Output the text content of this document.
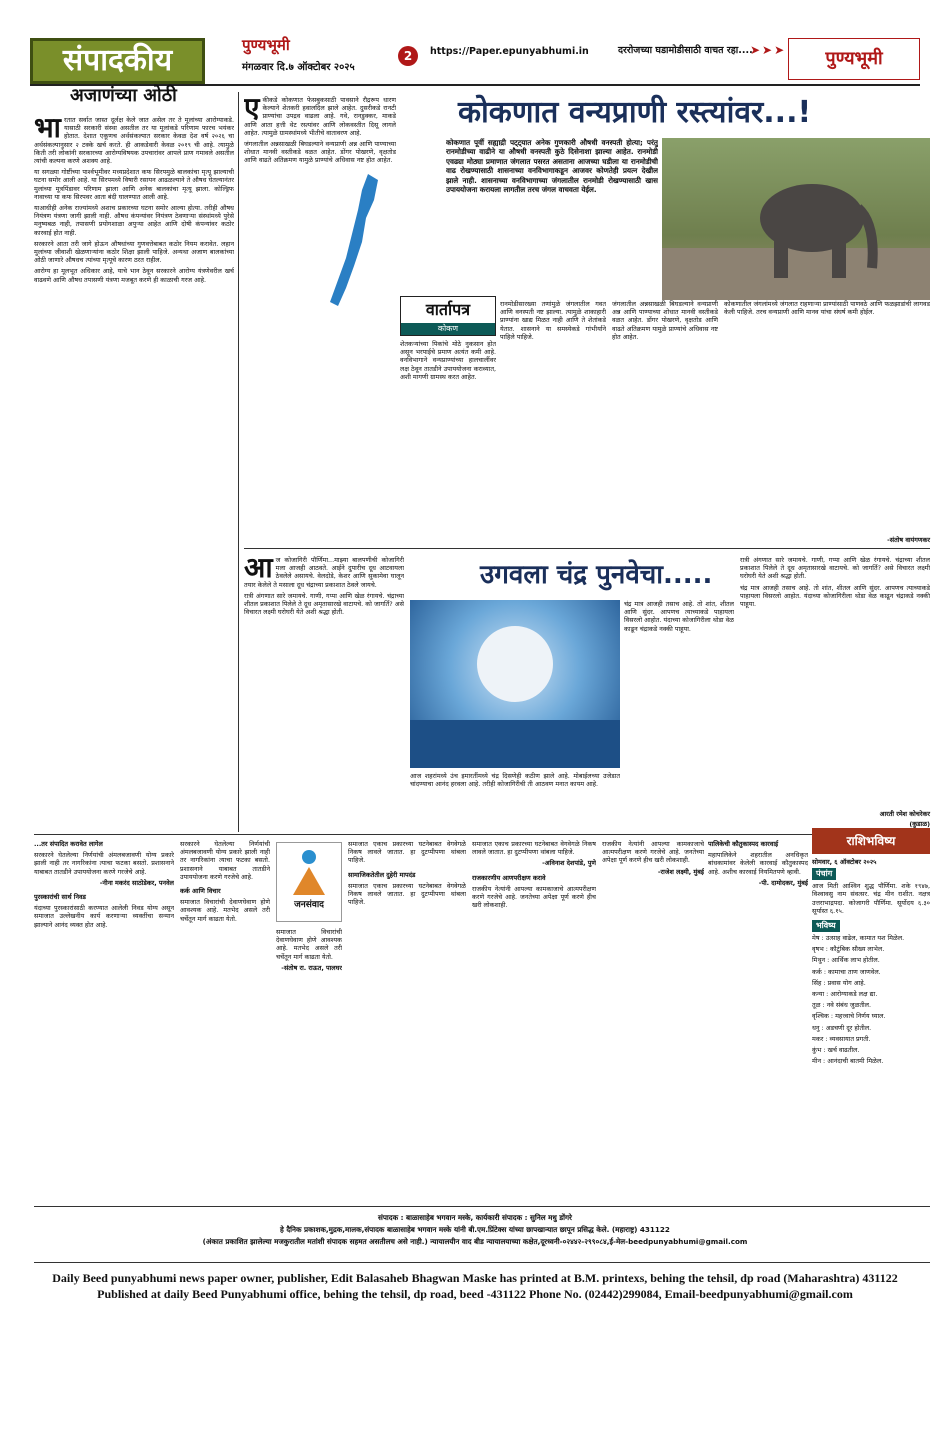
संपादकीय	पुण्यभूमी
2
मंगळवार दि.७ ऑक्टोबर २०२५
https://Paper.epunyabhumi.in	दररोजच्या घडामोडीसाठी वाचत रहा....
➤➤➤	पुण्यभूमी
अजाणंच्या ओठी
भा रतात सर्वात जास्त दूर्लक्ष केले जात असेल तर ते मूलांच्या आरोग्याकडे. यासाठी सरकारी संस्था असतील तर या मूलांकडे परिणाम फारच भयंकर होतात. देशात एकूणच अर्थसंकल्पात सरकार केवळ देश वर्ष २०२६ चा अर्थसंकल्पानुसार २ टक्के खर्च करते. ही आकडेवारी केवळ २०१९ ची आहे. त्यामुळे किती तरी लोकांनी सरकारच्या आरोग्यविषयक उपचारांवर आपले प्राण गमावले असतील त्यांची कल्पना करणे अशक्य आहे.

या सगळ्या गोष्टींच्या पार्श्वभूमीवर मध्यप्रदेशात कफ सिरपमुळे बालकांचा मृत्यू झाल्याची घटना समोर आली आहे. या सिरपमध्ये विषारी रसायन आढळल्याने ते औषध घेतल्यानंतर मुलांच्या मूत्रपिंडावर परिणाम झाला आणि अनेक बालकांचा मृत्यू झाला. कोल्ड्रिफ नावाच्या या कफ सिरपवर आता बंदी घालण्यात आली आहे.

याआधीही अनेक राज्यांमध्ये अशाच प्रकारच्या घटना समोर आल्या होत्या. तरीही औषध नियंत्रण यंत्रणा जागी झाली नाही. औषध कंपन्यांवर नियंत्रण ठेवणाऱ्या संस्थांमध्ये पुरेसे मनुष्यबळ नाही, तपासणी प्रयोगशाळा अपुऱ्या आहेत आणि दोषी कंपन्यांवर कठोर कारवाई होत नाही.

सरकारने आता तरी जागे होऊन औषधांच्या गुणवत्तेबाबत कठोर नियम करावेत. लहान मुलांच्या जीवाशी खेळणाऱ्यांना कठोर शिक्षा झाली पाहिजे. अन्यथा अजाण बालकांच्या ओठी जाणारे औषधच त्यांच्या मृत्यूचे कारण ठरत राहील.

आरोग्य हा मूलभूत अधिकार आहे, याचे भान ठेवून सरकारने आरोग्य यंत्रणेवरील खर्च वाढवणे आणि औषध तपासणी यंत्रणा मजबूत करणे ही काळाची गरज आहे.

ए कीकडे कोकणात फेसबुकसाठी पावसाने रौद्ररूप धारण केल्याने शेतकरी हवालदिल झाले आहेत. दुसरीकडे रानटी प्राण्यांचा उपद्रव वाढला आहे. गवे, रानडुक्कर, माकडे आणि आता हत्ती थेट रस्त्यांवर आणि लोकवस्तीत दिसू लागले आहेत. त्यामुळे ग्रामस्थांमध्ये भीतीचे वातावरण आहे.

जंगलातील अन्नसाखळी बिघडल्याने वन्यप्राणी अन्न आणि पाण्याच्या शोधात मानवी वस्तीकडे वळत आहेत. डोंगर पोखरणे, वृक्षतोड आणि वाढते अतिक्रमण यामुळे प्राण्यांचे अधिवास नष्ट होत आहेत.

कोकणात वन्यप्राणी रस्त्यांवर...!
कोकणात पूर्वी सह्याद्री पट्ट्यात अनेक गुणकारी औषधी वनस्पती होत्या; परंतु रानमोडीच्या वाढीने या औषधी वनस्पती कुठे दिसेनाशा झाल्या आहेत. रानमोडी एवढ्या मोठ्या प्रमाणात जंगलात पसरत असताना आजच्या घडीला या रानमोडीची वाढ रोखण्यासाठी शासनाच्या वनविभागाकडून आजवर कोणतेही प्रयत्न देखील झाले नाही. शासनाच्या वनविभागाच्या जंगलातील रानमोडी रोखण्यासाठी खास उपाययोजना करायला लागतील तरच जंगल वाचवता येईल.
वार्तापत्र
कोकण

शेतकऱ्यांच्या पिकांचे मोठे नुकसान होत असून भरपाईचे प्रमाण अत्यंत कमी आहे. वनविभागाने वन्यप्राण्यांच्या हालचालींवर लक्ष ठेवून तातडीने उपाययोजना कराव्यात, अशी मागणी ग्रामस्थ करत आहेत.

रानमोडीसारख्या तणांमुळे जंगलातील गवत आणि वनस्पती नष्ट झाल्या. त्यामुळे शाकाहारी प्राण्यांना खाद्य मिळत नाही आणि ते शेतांकडे येतात. शासनाने या समस्येकडे गांभीर्याने पाहिले पाहिजे.

जंगलातील अन्नसाखळी बिघडल्याने वन्यप्राणी अन्न आणि पाण्याच्या शोधात मानवी वस्तीकडे वळत आहेत. डोंगर पोखरणे, वृक्षतोड आणि वाढते अतिक्रमण यामुळे प्राण्यांचे अधिवास नष्ट होत आहेत.

कोकणातील जंगलांमध्ये जंगलात राहणाऱ्या प्राण्यांसाठी पाणवठे आणि फळझाडांची लागवड केली पाहिजे. तरच वन्यप्राणी आणि मानव यांचा संघर्ष कमी होईल.

-संतोष वायंगणकर
आ ज कोजागिरी पौर्णिमा...माझ्या बालपणीची कोजागिरी मला आजही आठवते. आईने दुपारीच दूध आटवायला ठेवलेले असायचे. वेलदोडे, केशर आणि सुकामेवा घालून तयार केलेले ते मसाला दूध चंद्राच्या प्रकाशात ठेवले जायचे.

रात्री अंगणात सारे जमायचे. गाणी, गप्पा आणि खेळ रंगायचे. चंद्राच्या शीतल प्रकाशात पिलेले ते दूध अमृतासारखे वाटायचे. को जागर्ति? असे विचारत लक्ष्मी घरोघरी येते अशी श्रद्धा होती.

उगवला चंद्र पुनवेचा.....

आज शहरांमध्ये उंच इमारतींमध्ये चंद्र दिसणेही कठीण झाले आहे. मोबाईलच्या उजेडात चांदण्याचा आनंद हरवला आहे. तरीही कोजागिरीची ती आठवण मनात कायम आहे.

चंद्र मात्र आजही तसाच आहे. तो शांत, शीतल आणि सुंदर. आपणच त्याच्याकडे पाहायला विसरलो आहोत. यंदाच्या कोजागिरीला थोडा वेळ काढून चंद्राकडे नक्की पाहूया.

रात्री अंगणात सारे जमायचे. गाणी, गप्पा आणि खेळ रंगायचे. चंद्राच्या शीतल प्रकाशात पिलेले ते दूध अमृतासारखे वाटायचे. को जागर्ति? असे विचारत लक्ष्मी घरोघरी येते अशी श्रद्धा होती.

चंद्र मात्र आजही तसाच आहे. तो शांत, शीतल आणि सुंदर. आपणच त्याच्याकडे पाहायला विसरलो आहोत. यंदाच्या कोजागिरीला थोडा वेळ काढून चंद्राकडे नक्की पाहूया.

आरती रमेश कोचरेकर
(कुडाळ)

...तर संपादित करावेत लागेल

सरकारने घेतलेल्या निर्णयांची अंमलबजावणी योग्य प्रकारे झाली नाही तर नागरिकांना त्याचा फटका बसतो. प्रशासनाने याबाबत तातडीने उपाययोजना करणे गरजेचे आहे.

-नीना मकरंद साठोडेकर, पनवेल

पुरस्कारांची सार्थ निवड

यंदाच्या पुरस्कारांसाठी करण्यात आलेली निवड योग्य असून समाजात उल्लेखनीय कार्य करणाऱ्या व्यक्तींचा सन्मान झाल्याने आनंद व्यक्त होत आहे.

सरकारने घेतलेल्या निर्णयांची अंमलबजावणी योग्य प्रकारे झाली नाही तर नागरिकांना त्याचा फटका बसतो. प्रशासनाने याबाबत तातडीने उपाययोजना करणे गरजेचे आहे.

कर्क आणि विचार

समाजात विचारांची देवाणघेवाण होणे आवश्यक आहे. मतभेद असले तरी चर्चेतून मार्ग काढता येतो.

जनसंवाद

समाजात विचारांची देवाणघेवाण होणे आवश्यक आहे. मतभेद असले तरी चर्चेतून मार्ग काढता येतो.

-संतोष रा. राऊत, पालघर

समाजात एकाच प्रकारच्या घटनेबाबत वेगवेगळे निकष लावले जातात. हा दुटप्पीपणा थांबला पाहिजे.

सामाजिकतेतील दुहेरी मापदंड

समाजात एकाच प्रकारच्या घटनेबाबत वेगवेगळे निकष लावले जातात. हा दुटप्पीपणा थांबला पाहिजे.

समाजात एकाच प्रकारच्या घटनेबाबत वेगवेगळे निकष लावले जातात. हा दुटप्पीपणा थांबला पाहिजे.

-अविनाश देशपांडे, पुणे

राजकारणीय आणपरीक्षण करावे

राजकीय नेत्यांनी आपल्या कामकाजाचे आत्मपरीक्षण करणे गरजेचे आहे. जनतेच्या अपेक्षा पूर्ण करणे हीच खरी लोकशाही.

राजकीय नेत्यांनी आपल्या कामकाजाचे आत्मपरीक्षण करणे गरजेचे आहे. जनतेच्या अपेक्षा पूर्ण करणे हीच खरी लोकशाही.

-राजेश लक्ष्मी, मुंबई

पालिकेची कौतुकास्पद कारवाई

महापालिकेने शहरातील अनधिकृत बांधकामांवर केलेली कारवाई कौतुकास्पद आहे. अशीच कारवाई नियमितपणे व्हावी.

-पी. दामोदकर, मुंबई

राशिभविष्य
सोमवार, ६ ऑक्टोबर २०२५
पंचांग

आज मिती आश्विन शुद्ध पौर्णिमा. शके १९४७, विश्वावसु नाम संवत्सर. चंद्र मीन राशीत. नक्षत्र उत्तराभाद्रपदा. कोजागरी पौर्णिमा. सूर्योदय ६.३० सूर्यास्त ६.१५.

भविष्य

मेष : उत्साह वाढेल, कामात यश मिळेल.

वृषभ : कौटुंबिक सौख्य लाभेल.

मिथुन : आर्थिक लाभ होतील.

कर्क : कामाचा ताण जाणवेल.

सिंह : प्रवास योग आहे.

कन्या : आरोग्याकडे लक्ष द्या.

तूळ : नवे संबंध जुळतील.

वृश्चिक : महत्त्वाचे निर्णय घ्याल.

धनु : अडचणी दूर होतील.

मकर : व्यवसायात प्रगती.

कुंभ : खर्च वाढतील.

मीन : आनंदाची बातमी मिळेल.

संपादक : बाळासाहेब भगवान मस्के, कार्यकारी संपादक : सुनिल मधु डोंगरे
हे दैनिक प्रकाशक,मुद्रक,मालक,संपादक बाळासाहेब भगवान मस्के यांनी बी.एम.प्रिंटेक्स यांच्या छापखान्यात छापून प्रसिद्ध केले. (महाराष्ट्र) 431122
(अंकात प्रकाशित झालेल्या मजकुरातील मतांशी संपादक सहमत असतीलच असे नाही.) न्यायालयीन वाद बीड न्यायालयाच्या कक्षेत,दूरध्वनी-०२४४२-२९९०८४,ई-मेल-beedpunyabhumi@gmail.com
Daily Beed punyabhumi news paper owner, publisher, Edit Balasaheb Bhagwan Maske has printed at B.M. printexs, behing the tehsil, dp road (Maharashtra) 431122
Published at daily Beed Punyabhumi office, behing the tehsil, dp road, beed -431122 Phone No. (02442)299084, Email-beedpunyabhumi@gmail.com
